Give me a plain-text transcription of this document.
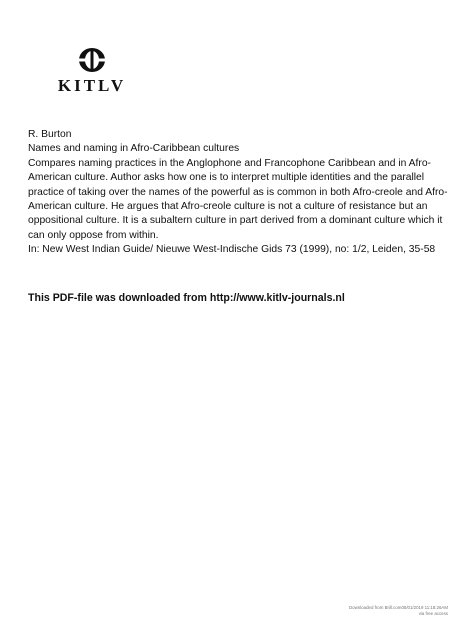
KITLV

R. Burton

Names and naming in Afro-Caribbean cultures

Compares naming practices in the Anglophone and Francophone Caribbean and in Afro-American culture. Author asks how one is to interpret multiple identities and the parallel practice of taking over the names of the powerful as is common in both Afro-creole and Afro-American culture. He argues that Afro-creole culture is not a culture of resistance but an oppositional culture. It is a subaltern culture in part derived from a dominant culture which it can only oppose from within.

In: New West Indian Guide/ Nieuwe West-Indische Gids 73 (1999), no: 1/2, Leiden, 35-58

This PDF-file was downloaded from http://www.kitlv-journals.nl

Downloaded from Brill.com05/01/2019 11:18:26AM

via free access
